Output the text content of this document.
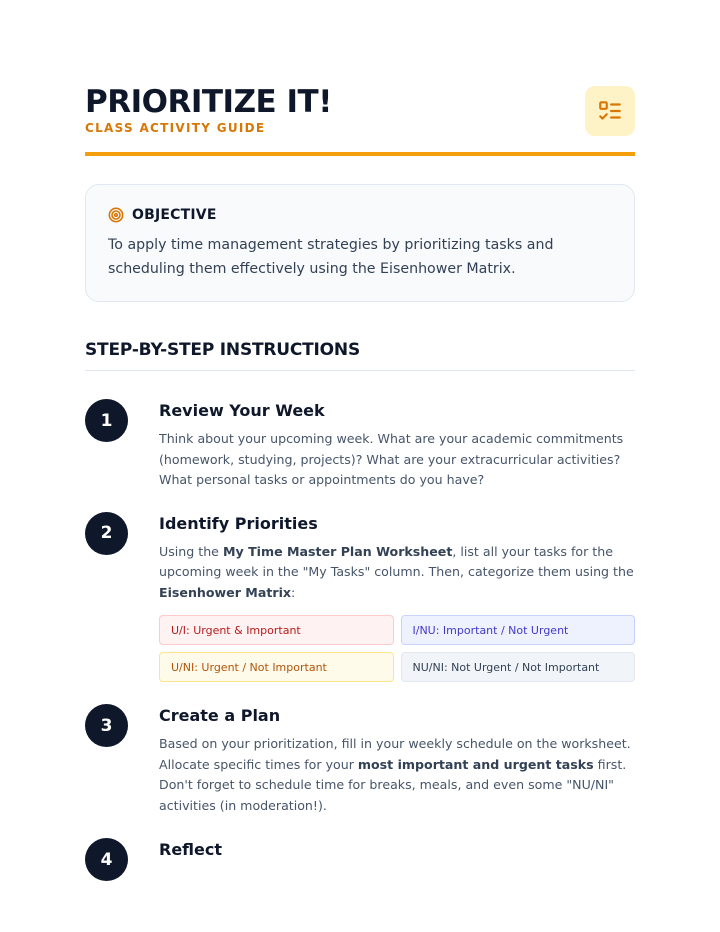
PRIORITIZE IT!
CLASS ACTIVITY GUIDE
OBJECTIVE

To apply time management strategies by prioritizing tasks and scheduling them effectively using the Eisenhower Matrix.

STEP-BY-STEP INSTRUCTIONS
1	Review Your Week

Think about your upcoming week. What are your academic commitments (homework, studying, projects)? What are your extracurricular activities? What personal tasks or appointments do you have?

2	Identify Priorities

Using the My Time Master Plan Worksheet, list all your tasks for the upcoming week in the "My Tasks" column. Then, categorize them using the Eisenhower Matrix:

U/I: Urgent & Important	I/NU: Important / Not Urgent
U/NI: Urgent / Not Important	NU/NI: Not Urgent / Not Important
3	Create a Plan

Based on your prioritization, fill in your weekly schedule on the worksheet. Allocate specific times for your most important and urgent tasks first. Don't forget to schedule time for breaks, meals, and even some "NU/NI" activities (in moderation!).

4	Reflect
